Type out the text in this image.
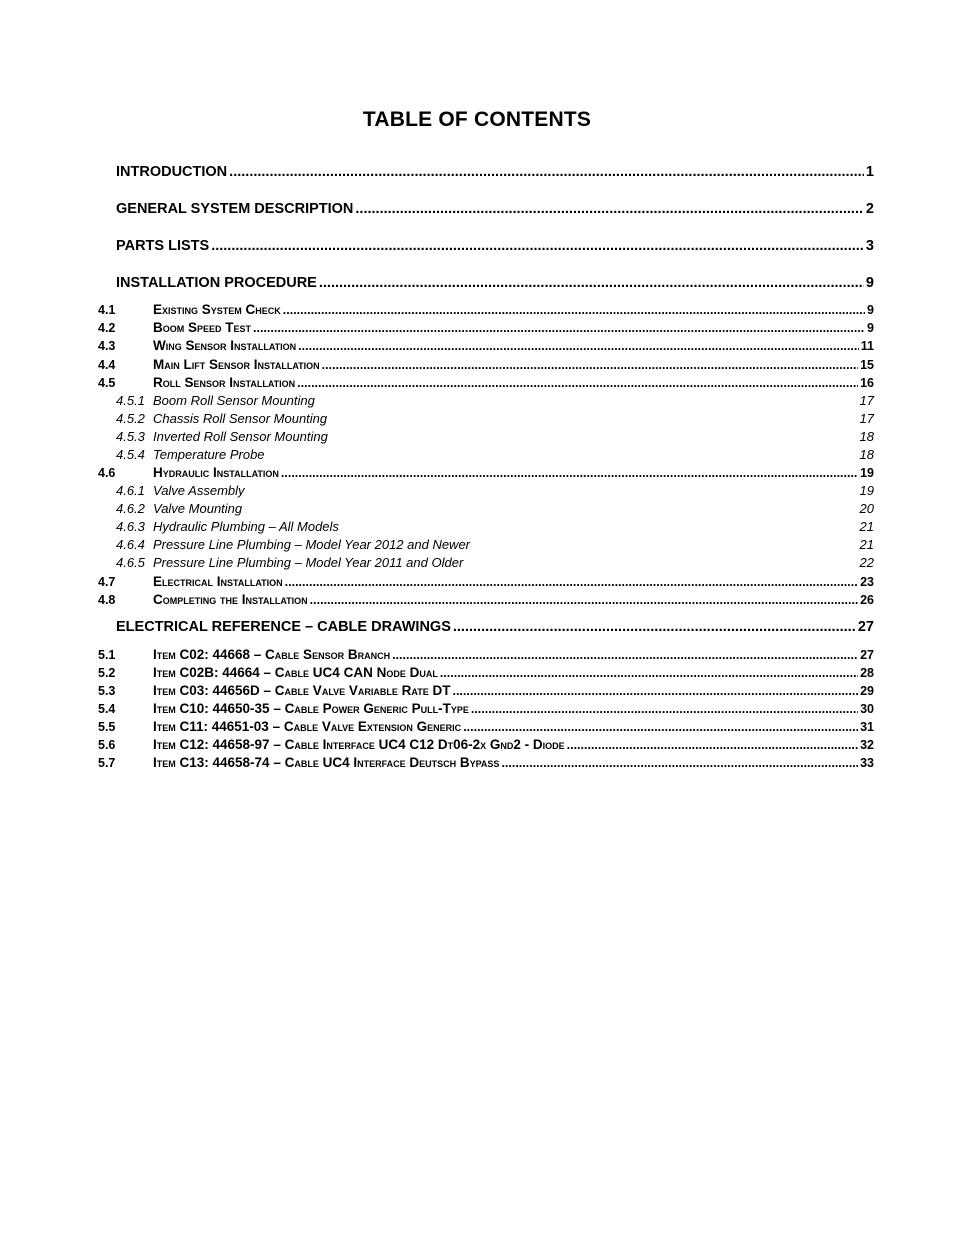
TABLE OF CONTENTS
INTRODUCTION .....	1
GENERAL SYSTEM DESCRIPTION .....	2
PARTS LISTS .....	3
INSTALLATION PROCEDURE .....	9
4.1	Existing System Check .....	9
4.2	Boom Speed Test .....	9
4.3	Wing Sensor Installation .....	11
4.4	Main Lift Sensor Installation .....	15
4.5	Roll Sensor Installation .....	16
4.5.1 Boom Roll Sensor Mounting	17
4.5.2 Chassis Roll Sensor Mounting	17
4.5.3 Inverted Roll Sensor Mounting	18
4.5.4 Temperature Probe	18
4.6	Hydraulic Installation .....	19
4.6.1 Valve Assembly	19
4.6.2 Valve Mounting	20
4.6.3 Hydraulic Plumbing – All Models	21
4.6.4 Pressure Line Plumbing – Model Year 2012 and Newer	21
4.6.5 Pressure Line Plumbing – Model Year 2011 and Older	22
4.7	Electrical Installation .....	23
4.8	Completing the Installation .....	26
ELECTRICAL REFERENCE – CABLE DRAWINGS .....	27
5.1	Item C02: 44668 – Cable Sensor Branch .....	27
5.2	Item C02B: 44664 – Cable UC4 CAN Node Dual .....	28
5.3	Item C03: 44656D – Cable Valve Variable Rate DT .....	29
5.4	Item C10: 44650-35 – Cable Power Generic Pull-Type .....	30
5.5	Item C11: 44651-03 – Cable Valve Extension Generic .....	31
5.6	Item C12: 44658-97 – Cable Interface UC4 C12 Dt06-2x Gnd2 - Diode .....	32
5.7	Item C13: 44658-74 – Cable UC4 Interface Deutsch Bypass .....	33
